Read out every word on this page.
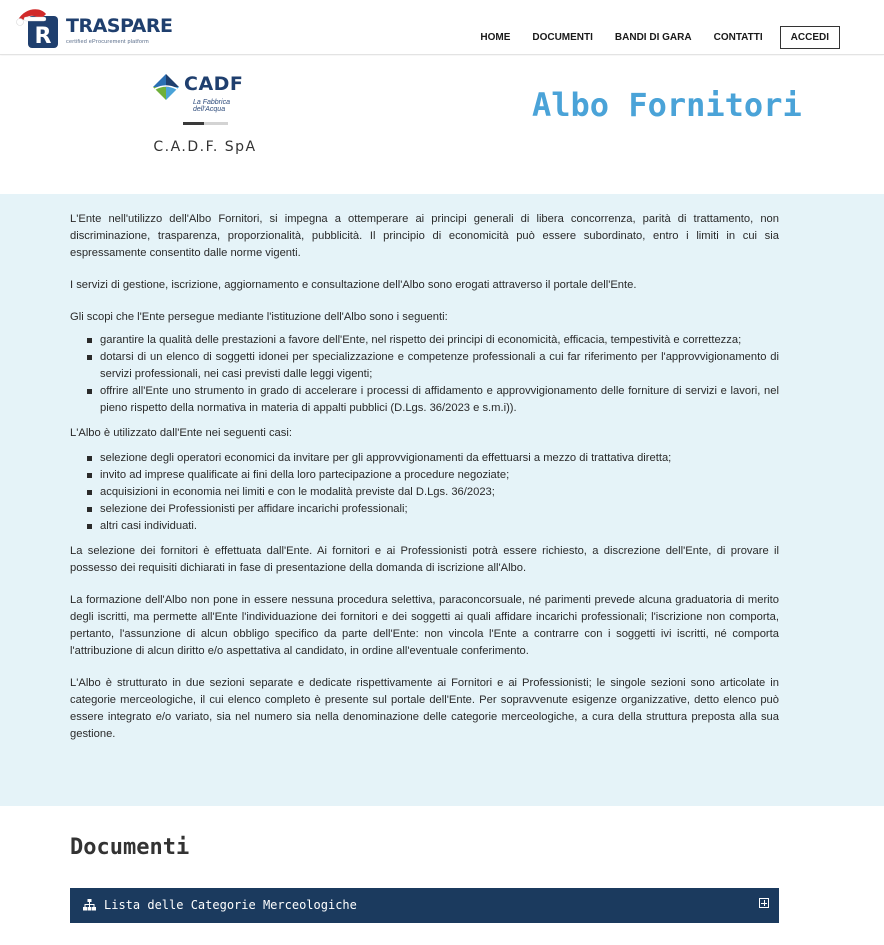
R TRASPARE
certified eProcurement platform	HOME DOCUMENTI BANDI DI GARA CONTATTI	ACCEDI
CADF
La Fabbrica dell'Acqua
C.A.D.F. SpA
Albo Fornitori

L'Ente nell'utilizzo dell'Albo Fornitori, si impegna a ottemperare ai principi generali di libera concorrenza, parità di trattamento, non discriminazione, trasparenza, proporzionalità, pubblicità. Il principio di economicità può essere subordinato, entro i limiti in cui sia espressamente consentito dalle norme vigenti.

I servizi di gestione, iscrizione, aggiornamento e consultazione dell'Albo sono erogati attraverso il portale dell'Ente.

Gli scopi che l'Ente persegue mediante l'istituzione dell'Albo sono i seguenti:

garantire la qualità delle prestazioni a favore dell'Ente, nel rispetto dei principi di economicità, efficacia, tempestività e correttezza;
dotarsi di un elenco di soggetti idonei per specializzazione e competenze professionali a cui far riferimento per l'approvvigionamento di servizi professionali, nei casi previsti dalle leggi vigenti;
offrire all'Ente uno strumento in grado di accelerare i processi di affidamento e approvvigionamento delle forniture di servizi e lavori, nel pieno rispetto della normativa in materia di appalti pubblici (D.Lgs. 36/2023 e s.m.i)).

L'Albo è utilizzato dall'Ente nei seguenti casi:

selezione degli operatori economici da invitare per gli approvvigionamenti da effettuarsi a mezzo di trattativa diretta;
invito ad imprese qualificate ai fini della loro partecipazione a procedure negoziate;
acquisizioni in economia nei limiti e con le modalità previste dal D.Lgs. 36/2023;
selezione dei Professionisti per affidare incarichi professionali;
altri casi individuati.

La selezione dei fornitori è effettuata dall'Ente. Ai fornitori e ai Professionisti potrà essere richiesto, a discrezione dell'Ente, di provare il possesso dei requisiti dichiarati in fase di presentazione della domanda di iscrizione all'Albo.

La formazione dell'Albo non pone in essere nessuna procedura selettiva, paraconcorsuale, né parimenti prevede alcuna graduatoria di merito degli iscritti, ma permette all'Ente l'individuazione dei fornitori e dei soggetti ai quali affidare incarichi professionali; l'iscrizione non comporta, pertanto, l'assunzione di alcun obbligo specifico da parte dell'Ente: non vincola l'Ente a contrarre con i soggetti ivi iscritti, né comporta l'attribuzione di alcun diritto e/o aspettativa al candidato, in ordine all'eventuale conferimento.

L'Albo è strutturato in due sezioni separate e dedicate rispettivamente ai Fornitori e ai Professionisti; le singole sezioni sono articolate in categorie merceologiche, il cui elenco completo è presente sul portale dell'Ente. Per sopravvenute esigenze organizzative, detto elenco può essere integrato e/o variato, sia nel numero sia nella denominazione delle categorie merceologiche, a cura della struttura preposta alla sua gestione.

Documenti
Lista delle Categorie Merceologiche
